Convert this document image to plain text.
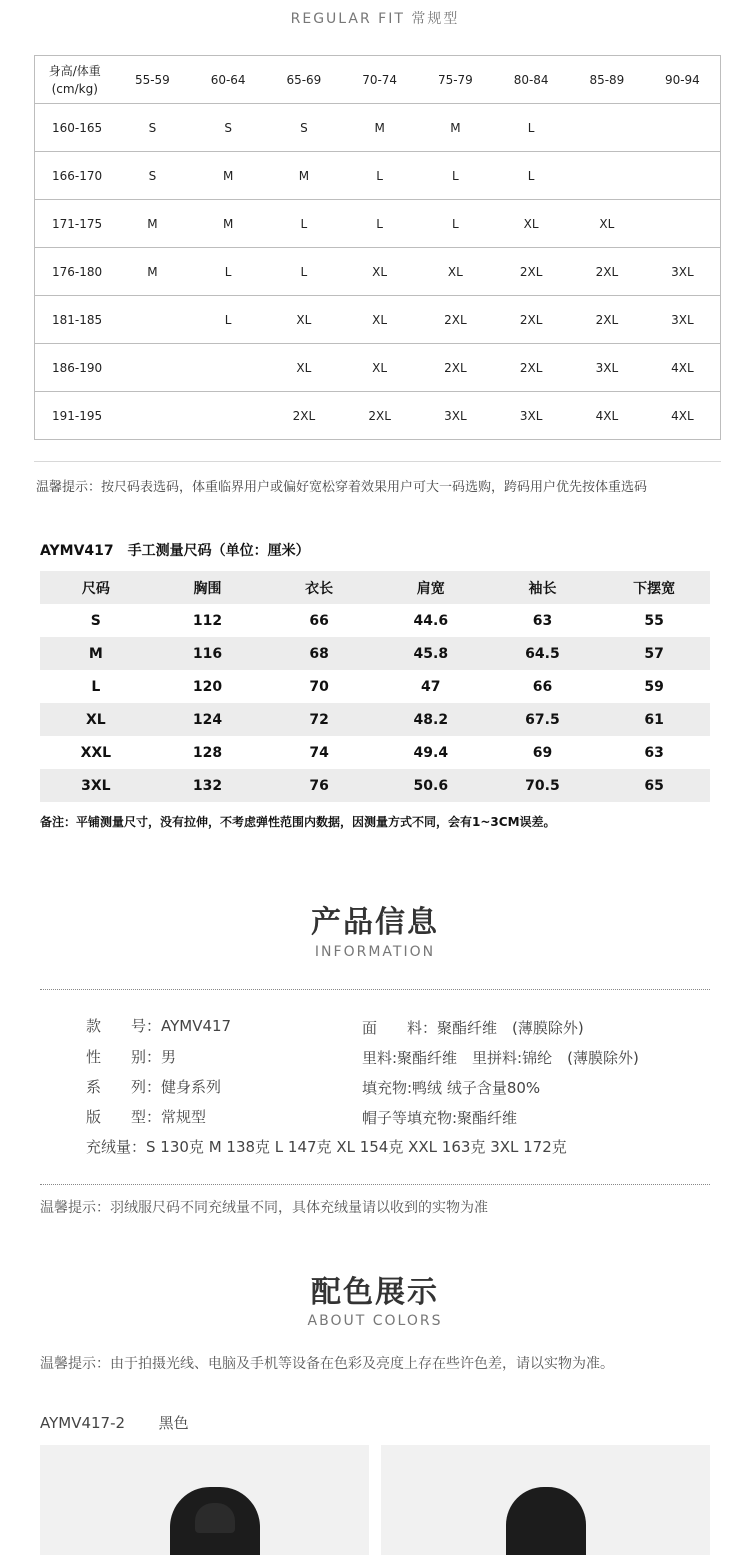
REGULAR FIT 常规型
身高/体重
(cm/kg)	55-59	60-64	65-69	70-74	75-79	80-84	85-89	90-94
160-165	S	S	S	M	M	L		
166-170	S	M	M	L	L	L		
171-175	M	M	L	L	L	XL	XL	
176-180	M	L	L	XL	XL	2XL	2XL	3XL
181-185		L	XL	XL	2XL	2XL	2XL	3XL
186-190			XL	XL	2XL	2XL	3XL	4XL
191-195			2XL	2XL	3XL	3XL	4XL	4XL
温馨提示：按尺码表选码，体重临界用户或偏好宽松穿着效果用户可大一码选购，跨码用户优先按体重选码
AYMV417　手工测量尺码（单位：厘米）
尺码	胸围	衣长	肩宽	袖长	下摆宽
S	112	66	44.6	63	55
M	116	68	45.8	64.5	57
L	120	70	47	66	59
XL	124	72	48.2	67.5	61
XXL	128	74	49.4	69	63
3XL	132	76	50.6	70.5	65
备注：平铺测量尺寸，没有拉伸，不考虑弹性范围内数据，因测量方式不同，会有1~3CM误差。
产品信息
INFORMATION
款　　号：AYMV417
性　　别：男
系　　列：健身系列
版　　型：常规型
面　　料：聚酯纤维　(薄膜除外)
里料:聚酯纤维　里拼料:锦纶　(薄膜除外)
填充物:鸭绒 绒子含量80%
帽子等填充物:聚酯纤维
充绒量：S 130克 M 138克 L 147克 XL 154克 XXL 163克 3XL 172克
温馨提示：羽绒服尺码不同充绒量不同，具体充绒量请以收到的实物为准
配色展示
ABOUT COLORS
温馨提示：由于拍摄光线、电脑及手机等设备在色彩及亮度上存在些许色差，请以实物为准。
AYMV417-2 黑色
